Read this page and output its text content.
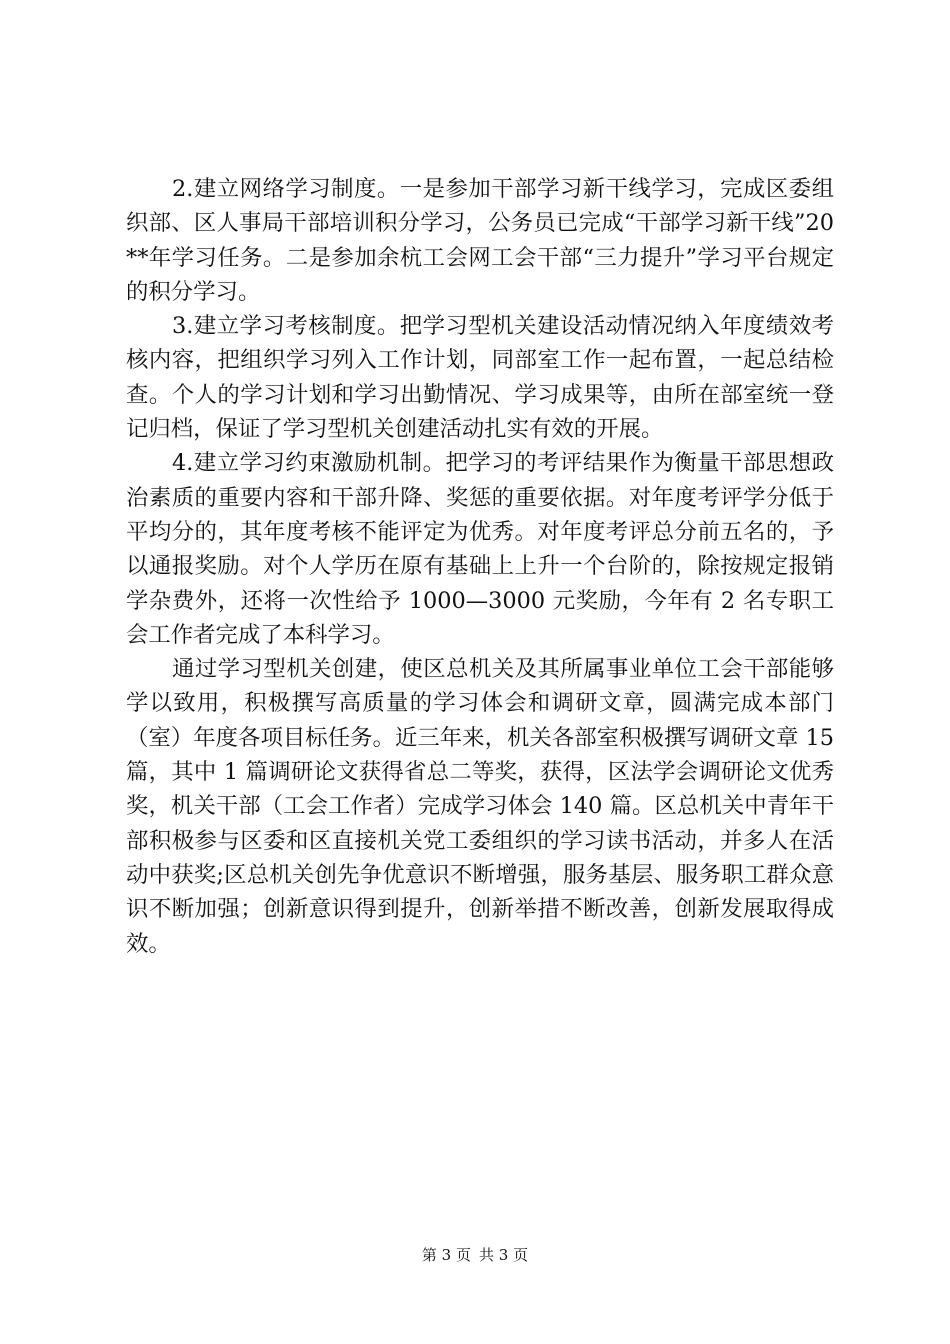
2.建立网络学习制度。一是参加干部学习新干线学习，完成区委组织部、区人事局干部培训积分学习，公务员已完成“干部学习新干线”20**年学习任务。二是参加余杭工会网工会干部“三力提升”学习平台规定的积分学习。

3.建立学习考核制度。把学习型机关建设活动情况纳入年度绩效考核内容，把组织学习列入工作计划，同部室工作一起布置，一起总结检查。个人的学习计划和学习出勤情况、学习成果等，由所在部室统一登记归档，保证了学习型机关创建活动扎实有效的开展。

4.建立学习约束激励机制。把学习的考评结果作为衡量干部思想政治素质的重要内容和干部升降、奖惩的重要依据。对年度考评学分低于平均分的，其年度考核不能评定为优秀。对年度考评总分前五名的，予以通报奖励。对个人学历在原有基础上上升一个台阶的，除按规定报销学杂费外，还将一次性给予 1000—3000 元奖励，今年有 2 名专职工会工作者完成了本科学习。

通过学习型机关创建，使区总机关及其所属事业单位工会干部能够学以致用，积极撰写高质量的学习体会和调研文章，圆满完成本部门（室）年度各项目标任务。近三年来，机关各部室积极撰写调研文章 15 篇，其中 1 篇调研论文获得省总二等奖，获得，区法学会调研论文优秀奖，机关干部（工会工作者）完成学习体会 140 篇。区总机关中青年干部积极参与区委和区直接机关党工委组织的学习读书活动，并多人在活动中获奖;区总机关创先争优意识不断增强，服务基层、服务职工群众意识不断加强；创新意识得到提升，创新举措不断改善，创新发展取得成效。

第 3 页 共 3 页
